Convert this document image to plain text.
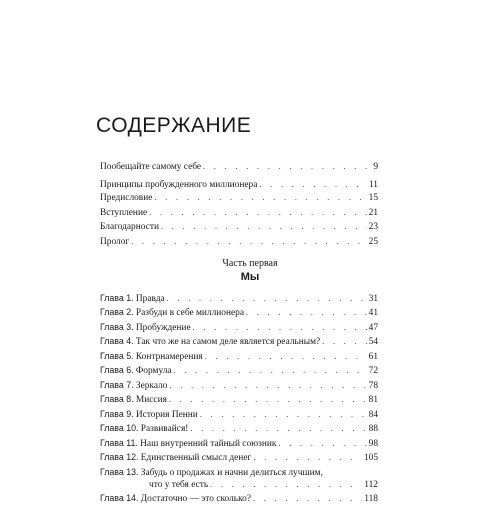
СОДЕРЖАНИЕ
Пообещайте самому себе . . .	9
Принципы пробужденного миллионера . . .	11
Предисловие . . .	15
Вступление . . .	21
Благодарности . . .	23
Пролог . . .	25
Часть первая
Мы
Глава 1. Правда . . .	31
Глава 2. Разбуди в себе миллионера . . .	41
Глава 3. Пробуждение . . .	47
Глава 4. Так что же на самом деле является реальным? . . .	54
Глава 5. Контрнамерения . . .	61
Глава 6. Формула . . .	72
Глава 7. Зеркало . . .	78
Глава 8. Миссия . . .	81
Глава 9. История Пенни . . .	84
Глава 10. Развивайся! . . .	88
Глава 11. Наш внутренний тайный союзник . . .	98
Глава 12. Единственный смысл денег . . .	105
Глава 13. Забудь о продажах и начни делиться лучшим,
что у тебя есть . . .	112
Глава 14. Достаточно — это сколько? . . .	118
